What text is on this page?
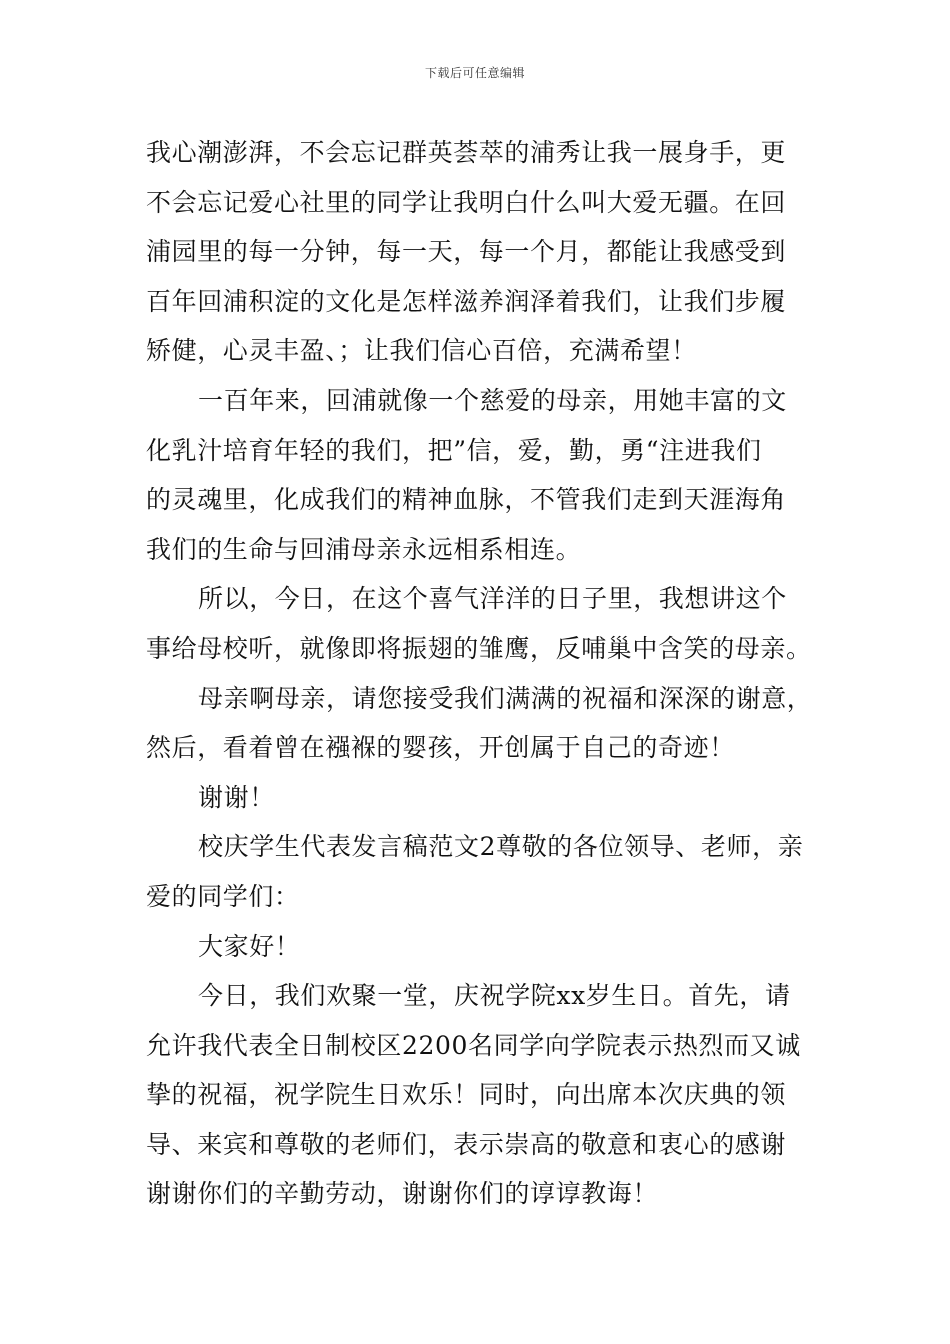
下载后可任意编辑
我心潮澎湃，不会忘记群英荟萃的浦秀让我一展身手，更
不会忘记爱心社里的同学让我明白什么叫大爱无疆。在回
浦园里的每一分钟，每一天，每一个月，都能让我感受到
百年回浦积淀的文化是怎样滋养润泽着我们，让我们步履
矫健，心灵丰盈、；让我们信心百倍，充满希望！
一百年来，回浦就像一个慈爱的母亲，用她丰富的文
化乳汁培育年轻的我们，把”信，爱，勤，勇“注进我们
的灵魂里，化成我们的精神血脉，不管我们走到天涯海角
我们的生命与回浦母亲永远相系相连。
所以，今日，在这个喜气洋洋的日子里，我想讲这个
事给母校听，就像即将振翅的雏鹰，反哺巢中含笑的母亲。
母亲啊母亲，请您接受我们满满的祝福和深深的谢意，
然后，看着曾在襁褓的婴孩，开创属于自己的奇迹！
谢谢！
校庆学生代表发言稿范文2尊敬的各位领导、老师，亲
爱的同学们：
大家好！
今日，我们欢聚一堂，庆祝学院xx岁生日。首先，请
允许我代表全日制校区2200名同学向学院表示热烈而又诚
挚的祝福，祝学院生日欢乐！同时，向出席本次庆典的领
导、来宾和尊敬的老师们，表示崇高的敬意和衷心的感谢
谢谢你们的辛勤劳动，谢谢你们的谆谆教诲！
